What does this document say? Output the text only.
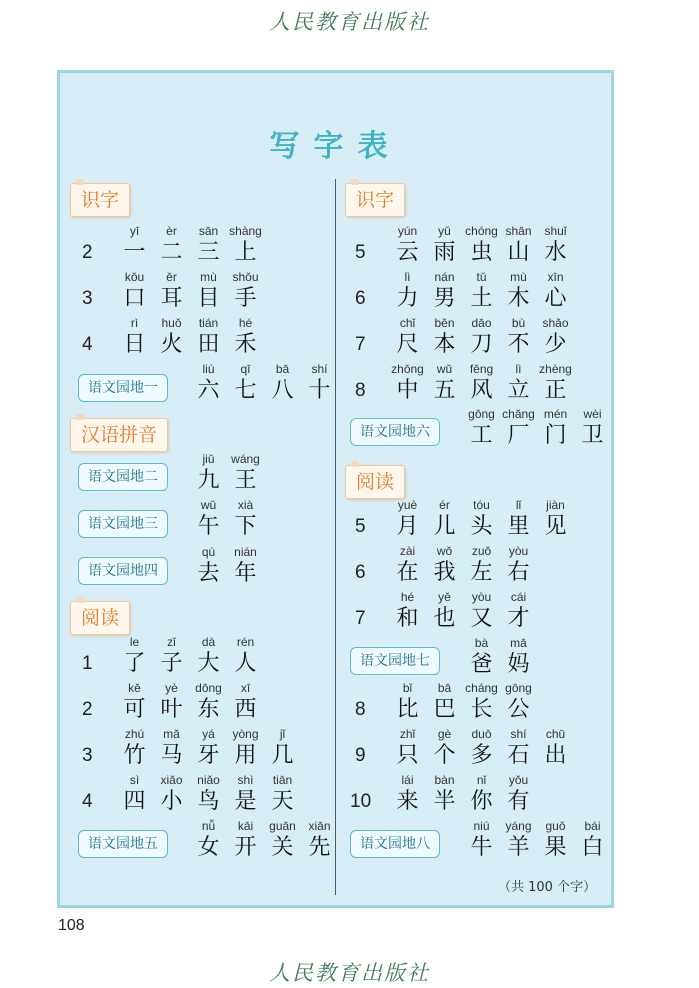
人民教育出版社
写字表
识字
2
yī
一
èr
二
sān
三
shàng
上
3
kǒu
口
ěr
耳
mù
目
shǒu
手
4
rì
日
huǒ
火
tián
田
hé
禾
语文园地一
liù
六
qī
七
bā
八
shí
十
汉语拼音
语文园地二
jiǔ
九
wáng
王
语文园地三
wǔ
午
xià
下
语文园地四
qù
去
nián
年
阅读
1
le
了
zǐ
子
dà
大
rén
人
2
kě
可
yè
叶
dōng
东
xī
西
3
zhú
竹
mǎ
马
yá
牙
yòng
用
jǐ
几
4
sì
四
xiǎo
小
niǎo
鸟
shì
是
tiān
天
语文园地五
nǚ
女
kāi
开
guān
关
xiān
先
识字
5
yún
云
yǔ
雨
chóng
虫
shān
山
shuǐ
水
6
lì
力
nán
男
tǔ
土
mù
木
xīn
心
7
chǐ
尺
běn
本
dāo
刀
bù
不
shǎo
少
8
zhōng
中
wǔ
五
fēng
风
lì
立
zhèng
正
语文园地六
gōng
工
chǎng
厂
mén
门
wèi
卫
阅读
5
yuè
月
ér
儿
tóu
头
lǐ
里
jiàn
见
6
zài
在
wǒ
我
zuǒ
左
yòu
右
7
hé
和
yě
也
yòu
又
cái
才
语文园地七
bà
爸
mā
妈
8
bǐ
比
bā
巴
cháng
长
gōng
公
9
zhǐ
只
gè
个
duō
多
shí
石
chū
出
10
lái
来
bàn
半
nǐ
你
yǒu
有
语文园地八
niú
牛
yáng
羊
guǒ
果
bái
白
（共 100 个字）
108
人民教育出版社
